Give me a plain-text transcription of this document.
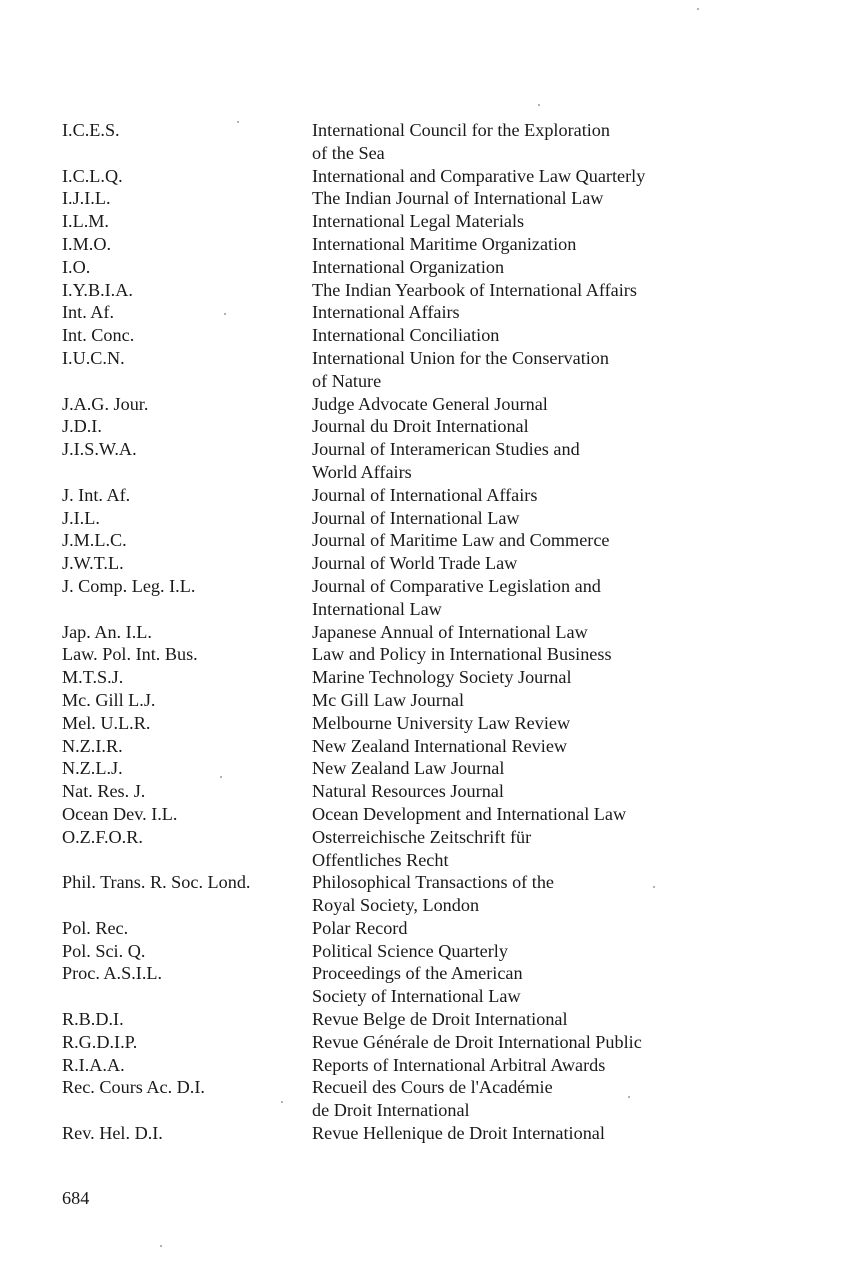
I.C.E.S.	International Council for the Exploration
of the Sea
I.C.L.Q.	International and Comparative Law Quarterly
I.J.I.L.	The Indian Journal of International Law
I.L.M.	International Legal Materials
I.M.O.	International Maritime Organization
I.O.	International Organization
I.Y.B.I.A.	The Indian Yearbook of International Affairs
Int. Af.	International Affairs
Int. Conc.	International Conciliation
I.U.C.N.	International Union for the Conservation
of Nature
J.A.G. Jour.	Judge Advocate General Journal
J.D.I.	Journal du Droit International
J.I.S.W.A.	Journal of Interamerican Studies and
World Affairs
J. Int. Af.	Journal of International Affairs
J.I.L.	Journal of International Law
J.M.L.C.	Journal of Maritime Law and Commerce
J.W.T.L.	Journal of World Trade Law
J. Comp. Leg. I.L.	Journal of Comparative Legislation and
International Law
Jap. An. I.L.	Japanese Annual of International Law
Law. Pol. Int. Bus.	Law and Policy in International Business
M.T.S.J.	Marine Technology Society Journal
Mc. Gill L.J.	Mc Gill Law Journal
Mel. U.L.R.	Melbourne University Law Review
N.Z.I.R.	New Zealand International Review
N.Z.L.J.	New Zealand Law Journal
Nat. Res. J.	Natural Resources Journal
Ocean Dev. I.L.	Ocean Development and International Law
O.Z.F.O.R.	Osterreichische Zeitschrift für
Offentliches Recht
Phil. Trans. R. Soc. Lond.	Philosophical Transactions of the
Royal Society, London
Pol. Rec.	Polar Record
Pol. Sci. Q.	Political Science Quarterly
Proc. A.S.I.L.	Proceedings of the American
Society of International Law
R.B.D.I.	Revue Belge de Droit International
R.G.D.I.P.	Revue Générale de Droit International Public
R.I.A.A.	Reports of International Arbitral Awards
Rec. Cours Ac. D.I.	Recueil des Cours de l'Académie
de Droit International
Rev. Hel. D.I.	Revue Hellenique de Droit International
684
